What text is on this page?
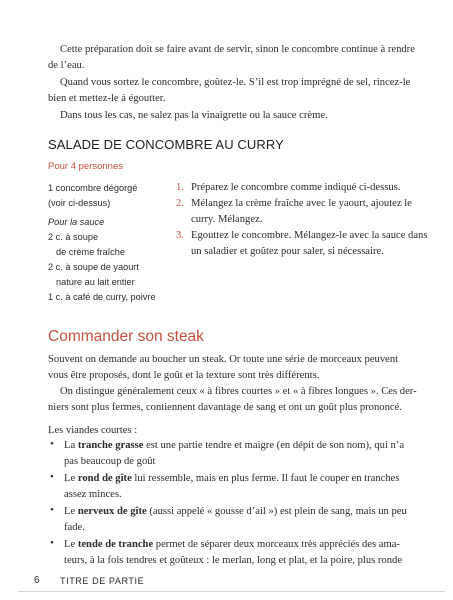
Cette préparation doit se faire avant de servir, sinon le concombre continue à rendre
de l’eau.
Quand vous sortez le concombre, goûtez-le. S’il est trop imprégné de sel, rincez-le
bien et mettez-le à égoutter.
Dans tous les cas, ne salez pas la vinaigrette ou la sauce crème.
SALADE DE CONCOMBRE AU CURRY
Pour 4 personnes
1 concombre dégorgé
(voir ci-dessus)
Pour la sauce
2 c. à soupe
de crème fraîche
2 c. à soupe de yaourt
nature au lait entier
1 c. à café de curry, poivre
1. Préparez le concombre comme indiqué ci-dessus.
2. Mélangez la crème fraîche avec le yaourt, ajoutez le
curry. Mélangez.
3. Egouttez le concombre. Mélangez-le avec la sauce dans
un saladier et goûtez pour saler, si nécessaire.
Commander son steak
Souvent on demande au boucher un steak. Or toute une série de morceaux peuvent
vous être proposés, dont le goût et la texture sont très différents.
On distingue généralement ceux « à fibres courtes » et « à fibres longues ». Ces der-
niers sont plus fermes, contiennent davantage de sang et ont un goût plus prononcé.
Les viandes courtes :
• La tranche grasse est une partie tendre et maigre (en dépit de son nom), qui n’a
pas beaucoup de goût
• Le rond de gîte lui ressemble, mais en plus ferme. Il faut le couper en tranches
assez minces.
• Le nerveux de gîte (aussi appelé « gousse d’ail ») est plein de sang, mais un peu
fade.
• Le tende de tranche permet de séparer deux morceaux très appréciés des ama-
teurs, à la fois tendres et goûteux : le merlan, long et plat, et la poire, plus ronde
6 TITRE DE PARTIE
